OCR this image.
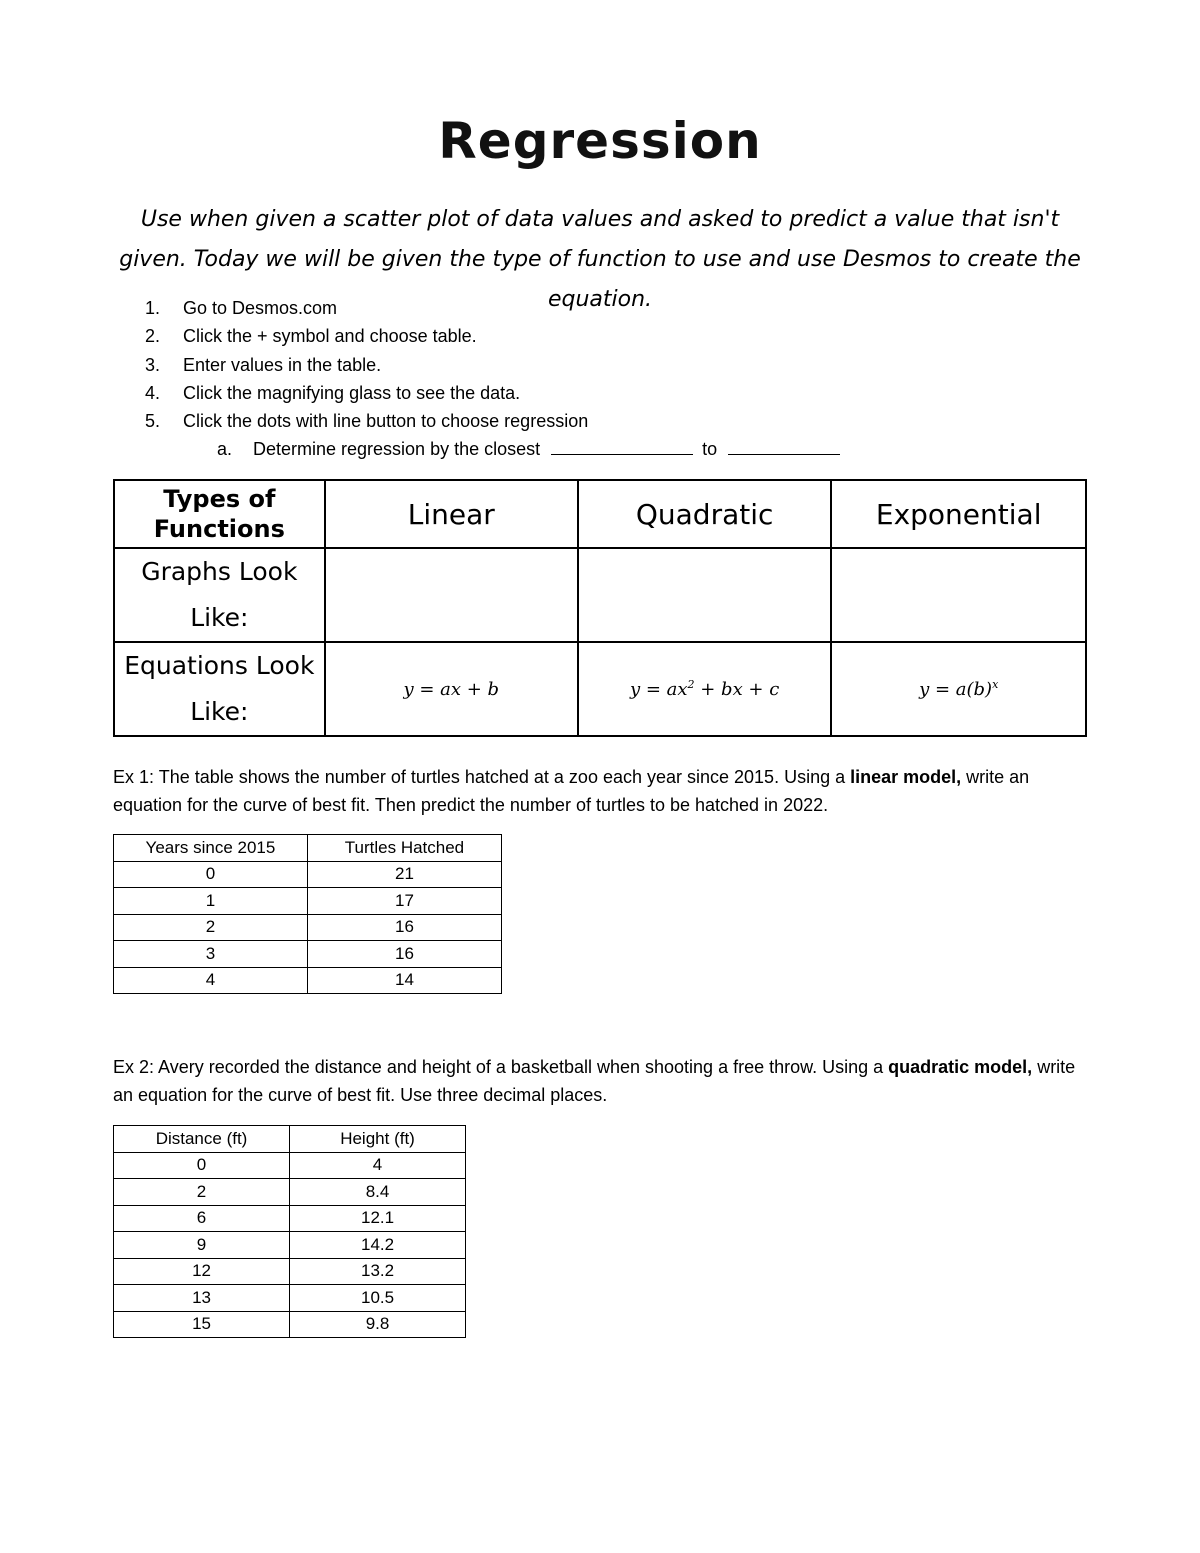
Regression
Use when given a scatter plot of data values and asked to predict a value that isn't given. Today we will be given the type of function to use and use Desmos to create the equation.
1.	Go to Desmos.com
2.	Click the + symbol and choose table.
3.	Enter values in the table.
4.	Click the magnifying glass to see the data.
5.	Click the dots with line button to choose regression
a.	Determine regression by the closest	to
Types of Functions	Linear	Quadratic	Exponential

Graphs Look Like:			

Equations Look Like:	y = ax + b	$y = ax^2$ + bx + c	$y = a(b)^x$
Ex 1: The table shows the number of turtles hatched at a zoo each year since 2015. Using a linear model, write an equation for the curve of best fit. Then predict the number of turtles to be hatched in 2022.
Years since 2015	Turtles Hatched
0	21
1	17
2	16
3	16
4	14
Ex 2: Avery recorded the distance and height of a basketball when shooting a free throw. Using a quadratic model, write an equation for the curve of best fit. Use three decimal places.
Distance (ft)	Height (ft)
0	4
2	8.4
6	12.1
9	14.2
12	13.2
13	10.5
15	9.8
